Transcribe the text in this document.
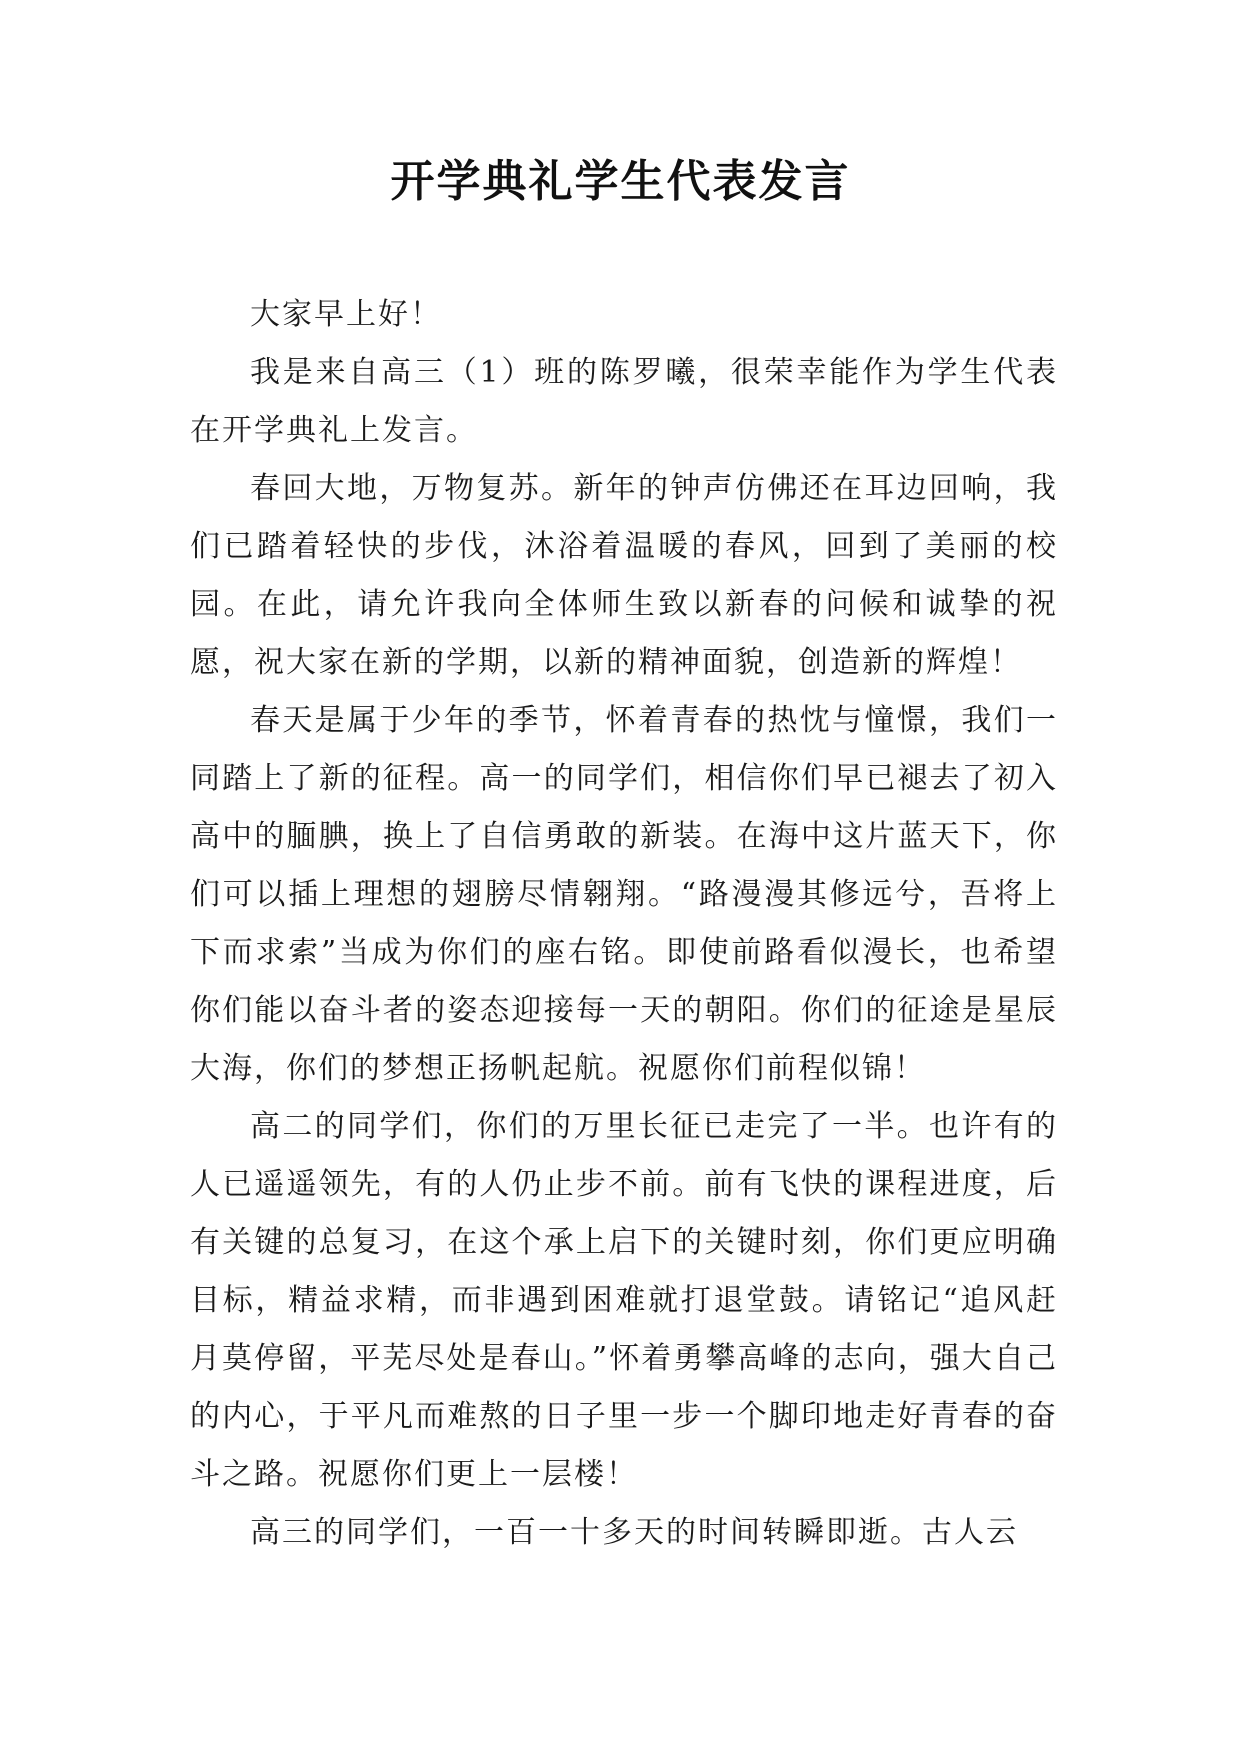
开学典礼学生代表发言

大家早上好！

我是来自高三（1）班的陈罗曦，很荣幸能作为学生代表在开学典礼上发言。

春回大地，万物复苏。新年的钟声仿佛还在耳边回响，我们已踏着轻快的步伐，沐浴着温暖的春风，回到了美丽的校园。在此，请允许我向全体师生致以新春的问候和诚挚的祝愿，祝大家在新的学期，以新的精神面貌，创造新的辉煌！

春天是属于少年的季节，怀着青春的热忱与憧憬，我们一同踏上了新的征程。高一的同学们，相信你们早已褪去了初入高中的腼腆，换上了自信勇敢的新装。在海中这片蓝天下，你们可以插上理想的翅膀尽情翱翔。“路漫漫其修远兮，吾将上下而求索”当成为你们的座右铭。即使前路看似漫长，也希望你们能以奋斗者的姿态迎接每一天的朝阳。你们的征途是星辰大海，你们的梦想正扬帆起航。祝愿你们前程似锦！

高二的同学们，你们的万里长征已走完了一半。也许有的人已遥遥领先，有的人仍止步不前。前有飞快的课程进度，后有关键的总复习，在这个承上启下的关键时刻，你们更应明确目标，精益求精，而非遇到困难就打退堂鼓。请铭记“追风赶月莫停留，平芜尽处是春山。”怀着勇攀高峰的志向，强大自己的内心，于平凡而难熬的日子里一步一个脚印地走好青春的奋斗之路。祝愿你们更上一层楼！

高三的同学们，一百一十多天的时间转瞬即逝。古人云
